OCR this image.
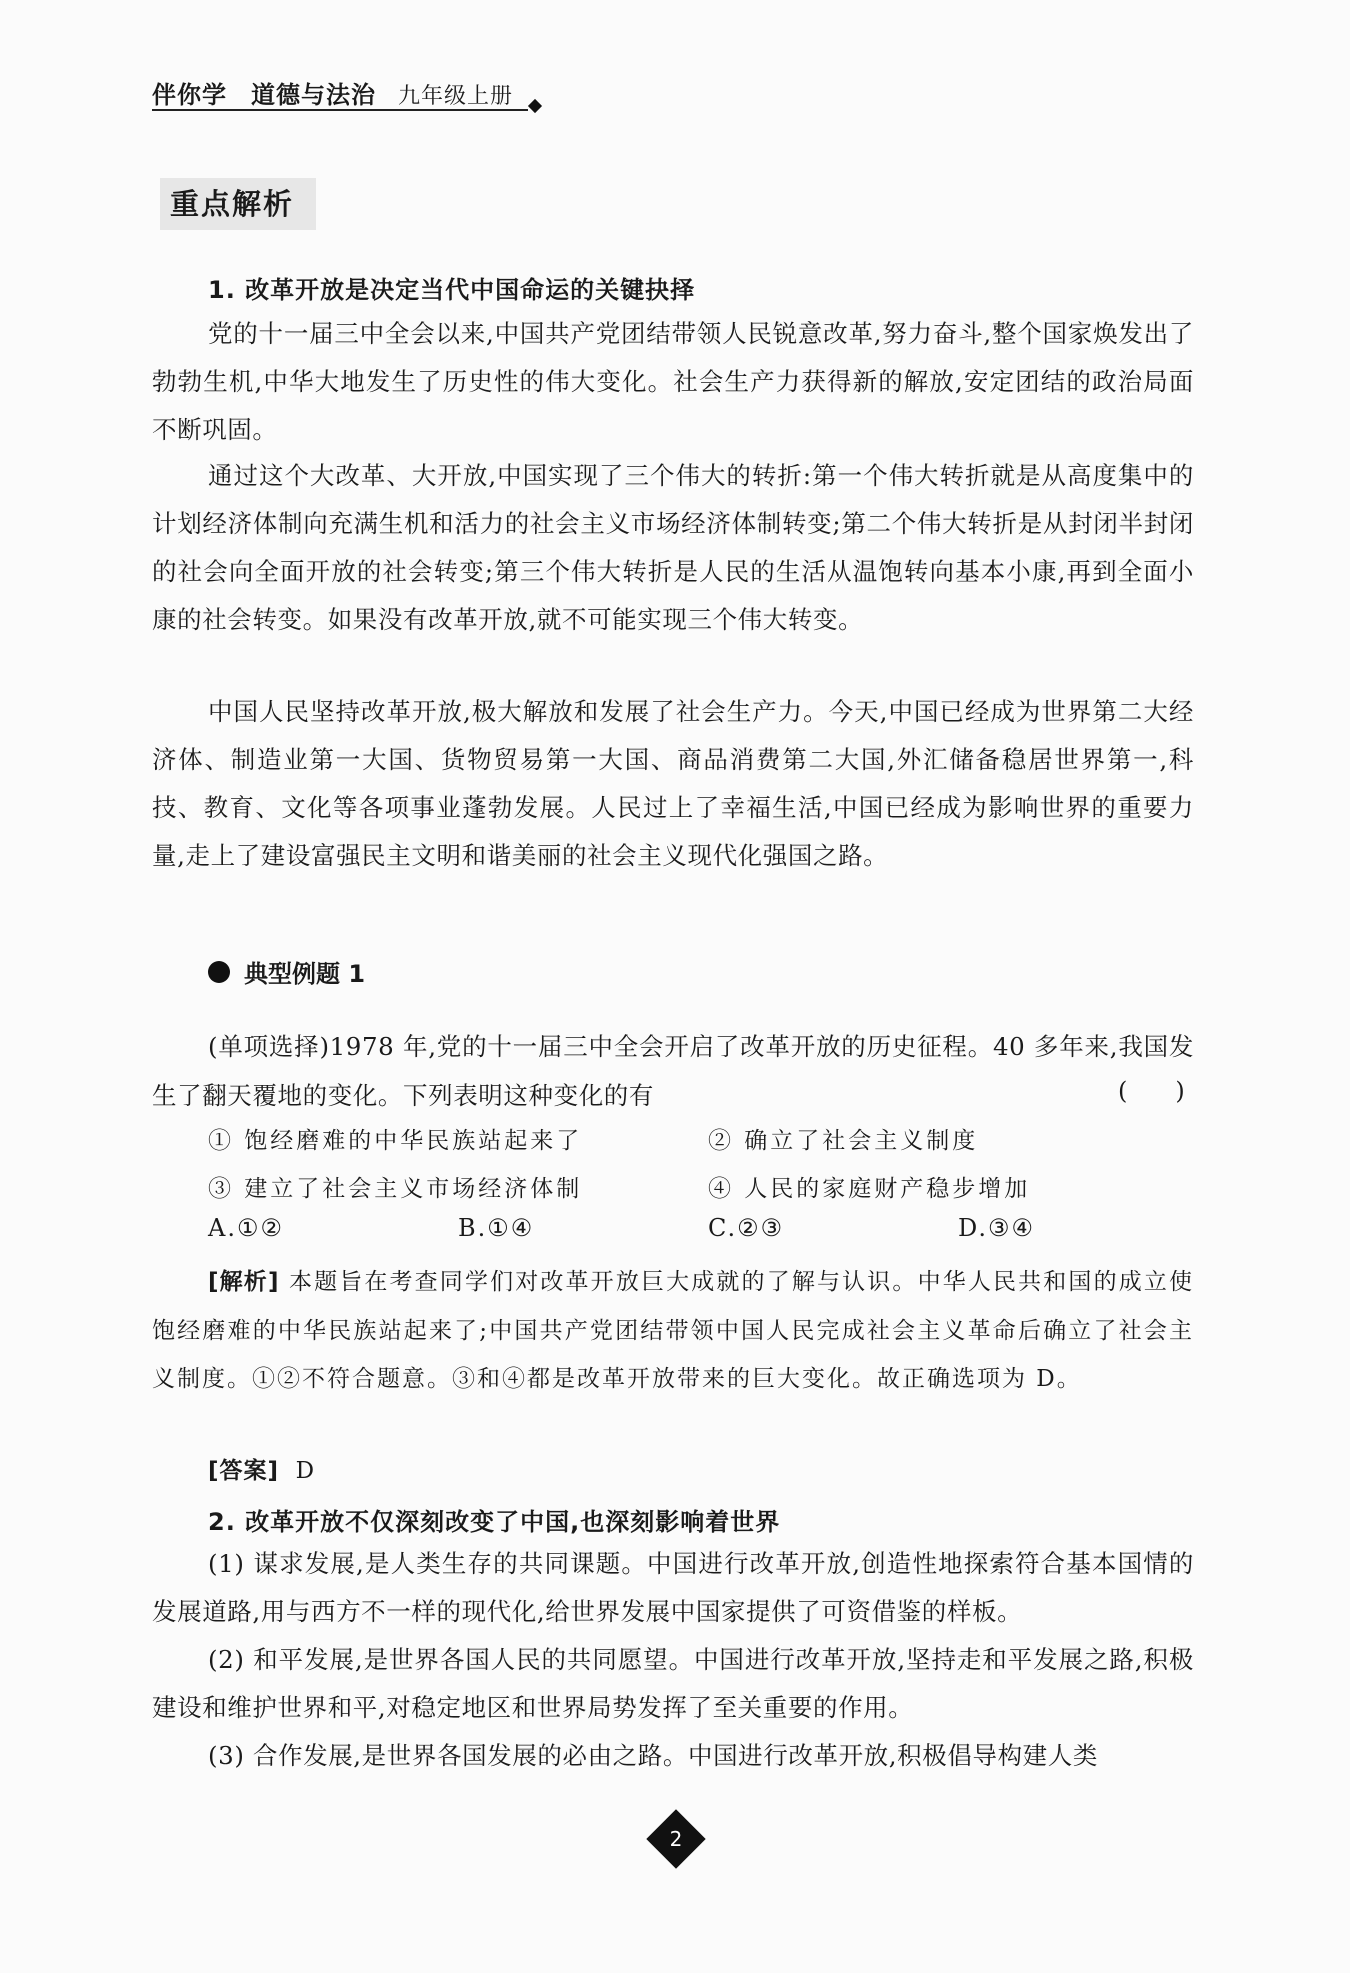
伴你学 道德与法治 九年级上册
重点解析
1. 改革开放是决定当代中国命运的关键抉择
党的十一届三中全会以来,中国共产党团结带领人民锐意改革,努力奋斗,整个国家焕发出了勃勃生机,中华大地发生了历史性的伟大变化。社会生产力获得新的解放,安定团结的政治局面不断巩固。
通过这个大改革、大开放,中国实现了三个伟大的转折:第一个伟大转折就是从高度集中的计划经济体制向充满生机和活力的社会主义市场经济体制转变;第二个伟大转折是从封闭半封闭的社会向全面开放的社会转变;第三个伟大转折是人民的生活从温饱转向基本小康,再到全面小康的社会转变。如果没有改革开放,就不可能实现三个伟大转变。
中国人民坚持改革开放,极大解放和发展了社会生产力。今天,中国已经成为世界第二大经济体、制造业第一大国、货物贸易第一大国、商品消费第二大国,外汇储备稳居世界第一,科技、教育、文化等各项事业蓬勃发展。人民过上了幸福生活,中国已经成为影响世界的重要力量,走上了建设富强民主文明和谐美丽的社会主义现代化强国之路。
典型例题 1
(单项选择)1978 年,党的十一届三中全会开启了改革开放的历史征程。40 多年来,我国发生了翻天覆地的变化。下列表明这种变化的有	(　　)
① 饱经磨难的中华民族站起来了	② 确立了社会主义制度
③ 建立了社会主义市场经济体制	④ 人民的家庭财产稳步增加
A.①②	B.①④	C.②③	D.③④
[解析] 本题旨在考查同学们对改革开放巨大成就的了解与认识。中华人民共和国的成立使饱经磨难的中华民族站起来了;中国共产党团结带领中国人民完成社会主义革命后确立了社会主义制度。①②不符合题意。③和④都是改革开放带来的巨大变化。故正确选项为 D。
[答案] D
2. 改革开放不仅深刻改变了中国,也深刻影响着世界
(1) 谋求发展,是人类生存的共同课题。中国进行改革开放,创造性地探索符合基本国情的发展道路,用与西方不一样的现代化,给世界发展中国家提供了可资借鉴的样板。
(2) 和平发展,是世界各国人民的共同愿望。中国进行改革开放,坚持走和平发展之路,积极建设和维护世界和平,对稳定地区和世界局势发挥了至关重要的作用。
(3) 合作发展,是世界各国发展的必由之路。中国进行改革开放,积极倡导构建人类
2
